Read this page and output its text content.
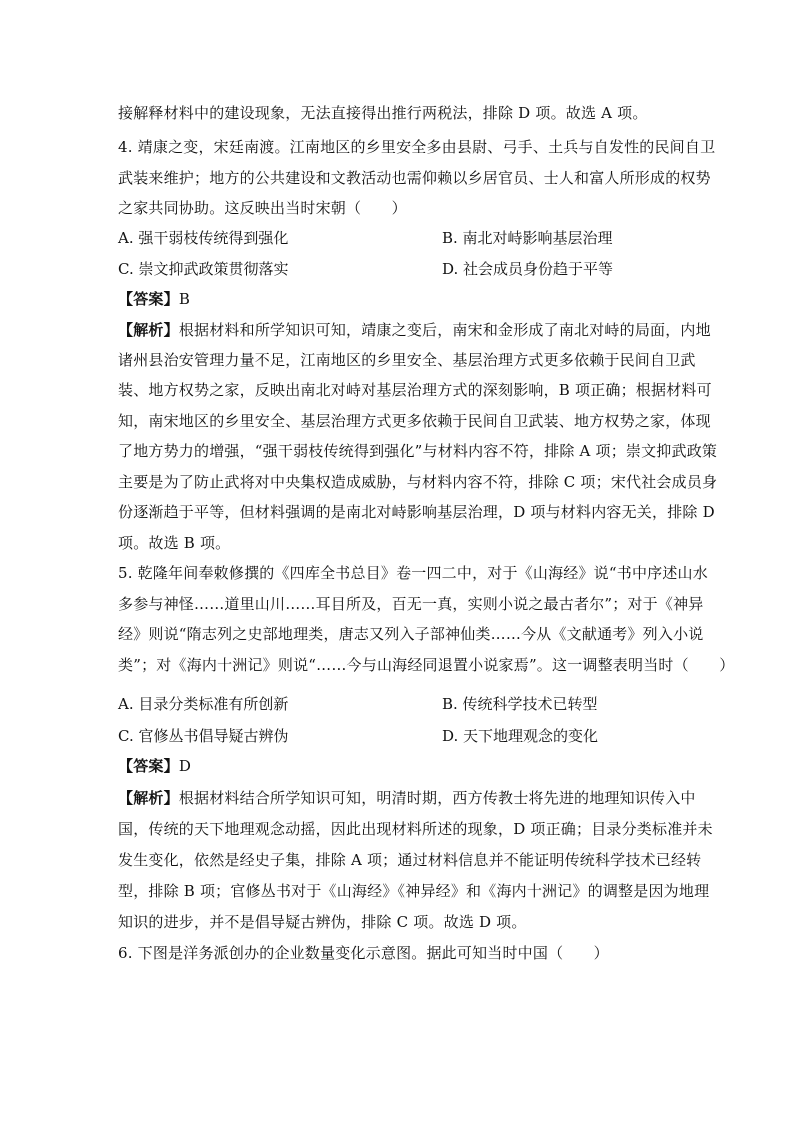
接解释材料中的建设现象，无法直接得出推行两税法，排除 D 项。故选 A 项。
4. 靖康之变，宋廷南渡。江南地区的乡里安全多由县尉、弓手、土兵与自发性的民间自卫
武装来维护；地方的公共建设和文教活动也需仰赖以乡居官员、士人和富人所形成的权势
之家共同协助。这反映出当时宋朝（　　）
A. 强干弱枝传统得到强化	B. 南北对峙影响基层治理
C. 崇文抑武政策贯彻落实	D. 社会成员身份趋于平等
【答案】B
【解析】根据材料和所学知识可知，靖康之变后，南宋和金形成了南北对峙的局面，内地
诸州县治安管理力量不足，江南地区的乡里安全、基层治理方式更多依赖于民间自卫武
装、地方权势之家，反映出南北对峙对基层治理方式的深刻影响，B 项正确；根据材料可
知，南宋地区的乡里安全、基层治理方式更多依赖于民间自卫武装、地方权势之家，体现
了地方势力的增强，“强干弱枝传统得到强化”与材料内容不符，排除 A 项；崇文抑武政策
主要是为了防止武将对中央集权造成威胁，与材料内容不符，排除 C 项；宋代社会成员身
份逐渐趋于平等，但材料强调的是南北对峙影响基层治理，D 项与材料内容无关，排除 D
项。故选 B 项。
5. 乾隆年间奉敕修撰的《四库全书总目》卷一四二中，对于《山海经》说“书中序述山水
多参与神怪……道里山川……耳目所及，百无一真，实则小说之最古者尔”；对于《神异
经》则说“隋志列之史部地理类，唐志又列入子部神仙类……今从《文献通考》列入小说
类”；对《海内十洲记》则说“……今与山海经同退置小说家焉”。这一调整表明当时（　　）
A. 目录分类标准有所创新	B. 传统科学技术已转型
C. 官修丛书倡导疑古辨伪	D. 天下地理观念的变化
【答案】D
【解析】根据材料结合所学知识可知，明清时期，西方传教士将先进的地理知识传入中
国，传统的天下地理观念动摇，因此出现材料所述的现象，D 项正确；目录分类标准并未
发生变化，依然是经史子集，排除 A 项；通过材料信息并不能证明传统科学技术已经转
型，排除 B 项；官修丛书对于《山海经》《神异经》和《海内十洲记》的调整是因为地理
知识的进步，并不是倡导疑古辨伪，排除 C 项。故选 D 项。
6. 下图是洋务派创办的企业数量变化示意图。据此可知当时中国（　　）
